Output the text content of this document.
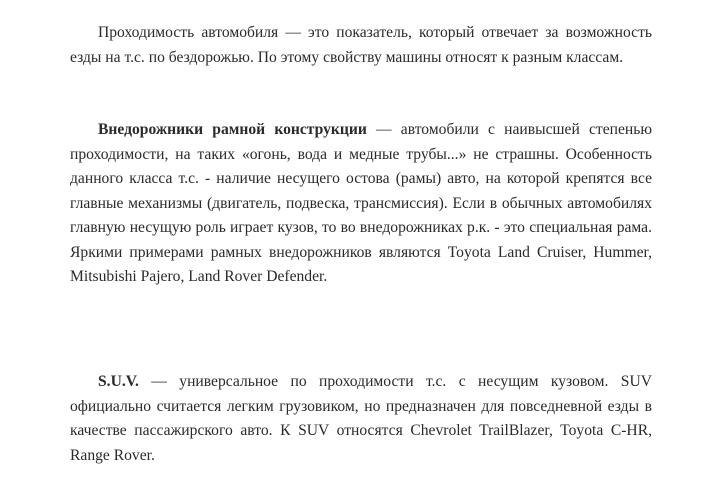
Проходимость автомобиля — это показатель, который отвечает за возможность езды на т.с. по бездорожью. По этому свойству машины относят к разным классам.

Внедорожники рамной конструкции — автомобили с наивысшей степенью проходимости, на таких «огонь, вода и медные трубы...» не страшны. Особенность данного класса т.с. - наличие несущего остова (рамы) авто, на которой крепятся все главные механизмы (двигатель, подвеска, трансмиссия). Если в обычных автомобилях главную несущую роль играет кузов, то во внедорожниках р.к. - это специальная рама. Яркими примерами рамных внедорожников являются Toyota Land Cruiser, Hummer, Mitsubishi Pajero, Land Rover Defender.

S.U.V. — универсальное по проходимости т.с. с несущим кузовом. SUV официально считается легким грузовиком, но предназначен для повседневной езды в качестве пассажирского авто. К SUV относятся Chevrolet TrailBlazer, Toyota C-HR, Range Rover.
